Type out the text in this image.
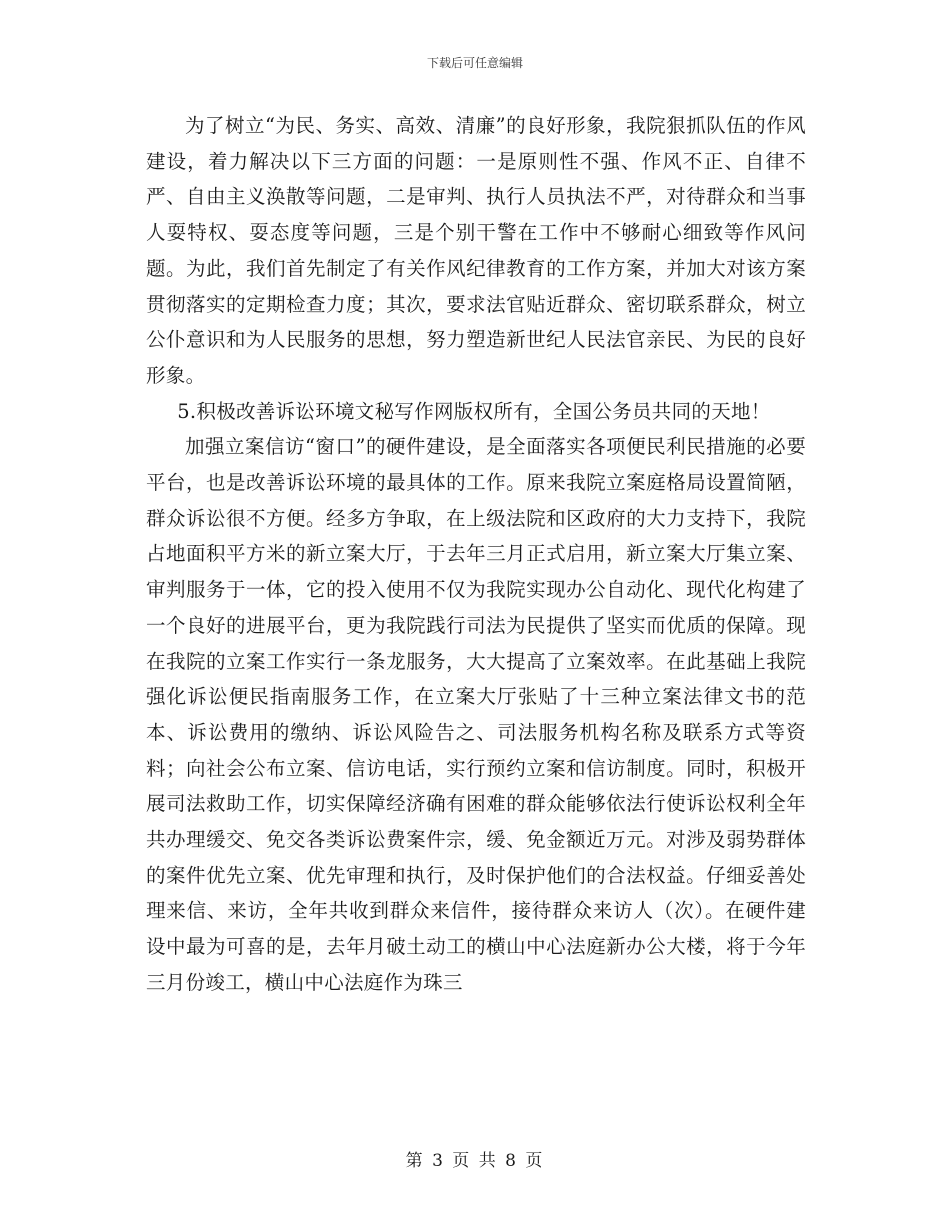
下载后可任意编辑

为了树立“为民、务实、高效、清廉”的良好形象，我院狠抓队伍的作风建设，着力解决以下三方面的问题：一是原则性不强、作风不正、自律不严、自由主义涣散等问题，二是审判、执行人员执法不严，对待群众和当事人耍特权、耍态度等问题，三是个别干警在工作中不够耐心细致等作风问题。为此，我们首先制定了有关作风纪律教育的工作方案，并加大对该方案贯彻落实的定期检查力度；其次，要求法官贴近群众、密切联系群众，树立公仆意识和为人民服务的思想，努力塑造新世纪人民法官亲民、为民的良好形象。

5.积极改善诉讼环境文秘写作网版权所有，全国公务员共同的天地！

加强立案信访“窗口”的硬件建设，是全面落实各项便民利民措施的必要平台，也是改善诉讼环境的最具体的工作。原来我院立案庭格局设置简陋，群众诉讼很不方便。经多方争取，在上级法院和区政府的大力支持下，我院占地面积平方米的新立案大厅，于去年三月正式启用，新立案大厅集立案、审判服务于一体，它的投入使用不仅为我院实现办公自动化、现代化构建了一个良好的进展平台，更为我院践行司法为民提供了坚实而优质的保障。现在我院的立案工作实行一条龙服务，大大提高了立案效率。在此基础上我院强化诉讼便民指南服务工作，在立案大厅张贴了十三种立案法律文书的范本、诉讼费用的缴纳、诉讼风险告之、司法服务机构名称及联系方式等资料；向社会公布立案、信访电话，实行预约立案和信访制度。同时，积极开展司法救助工作，切实保障经济确有困难的群众能够依法行使诉讼权利全年共办理缓交、免交各类诉讼费案件宗，缓、免金额近万元。对涉及弱势群体的案件优先立案、优先审理和执行，及时保护他们的合法权益。仔细妥善处理来信、来访，全年共收到群众来信件，接待群众来访人（次）。在硬件建设中最为可喜的是，去年月破土动工的横山中心法庭新办公大楼，将于今年三月份竣工，横山中心法庭作为珠三

第 3 页 共 8 页
